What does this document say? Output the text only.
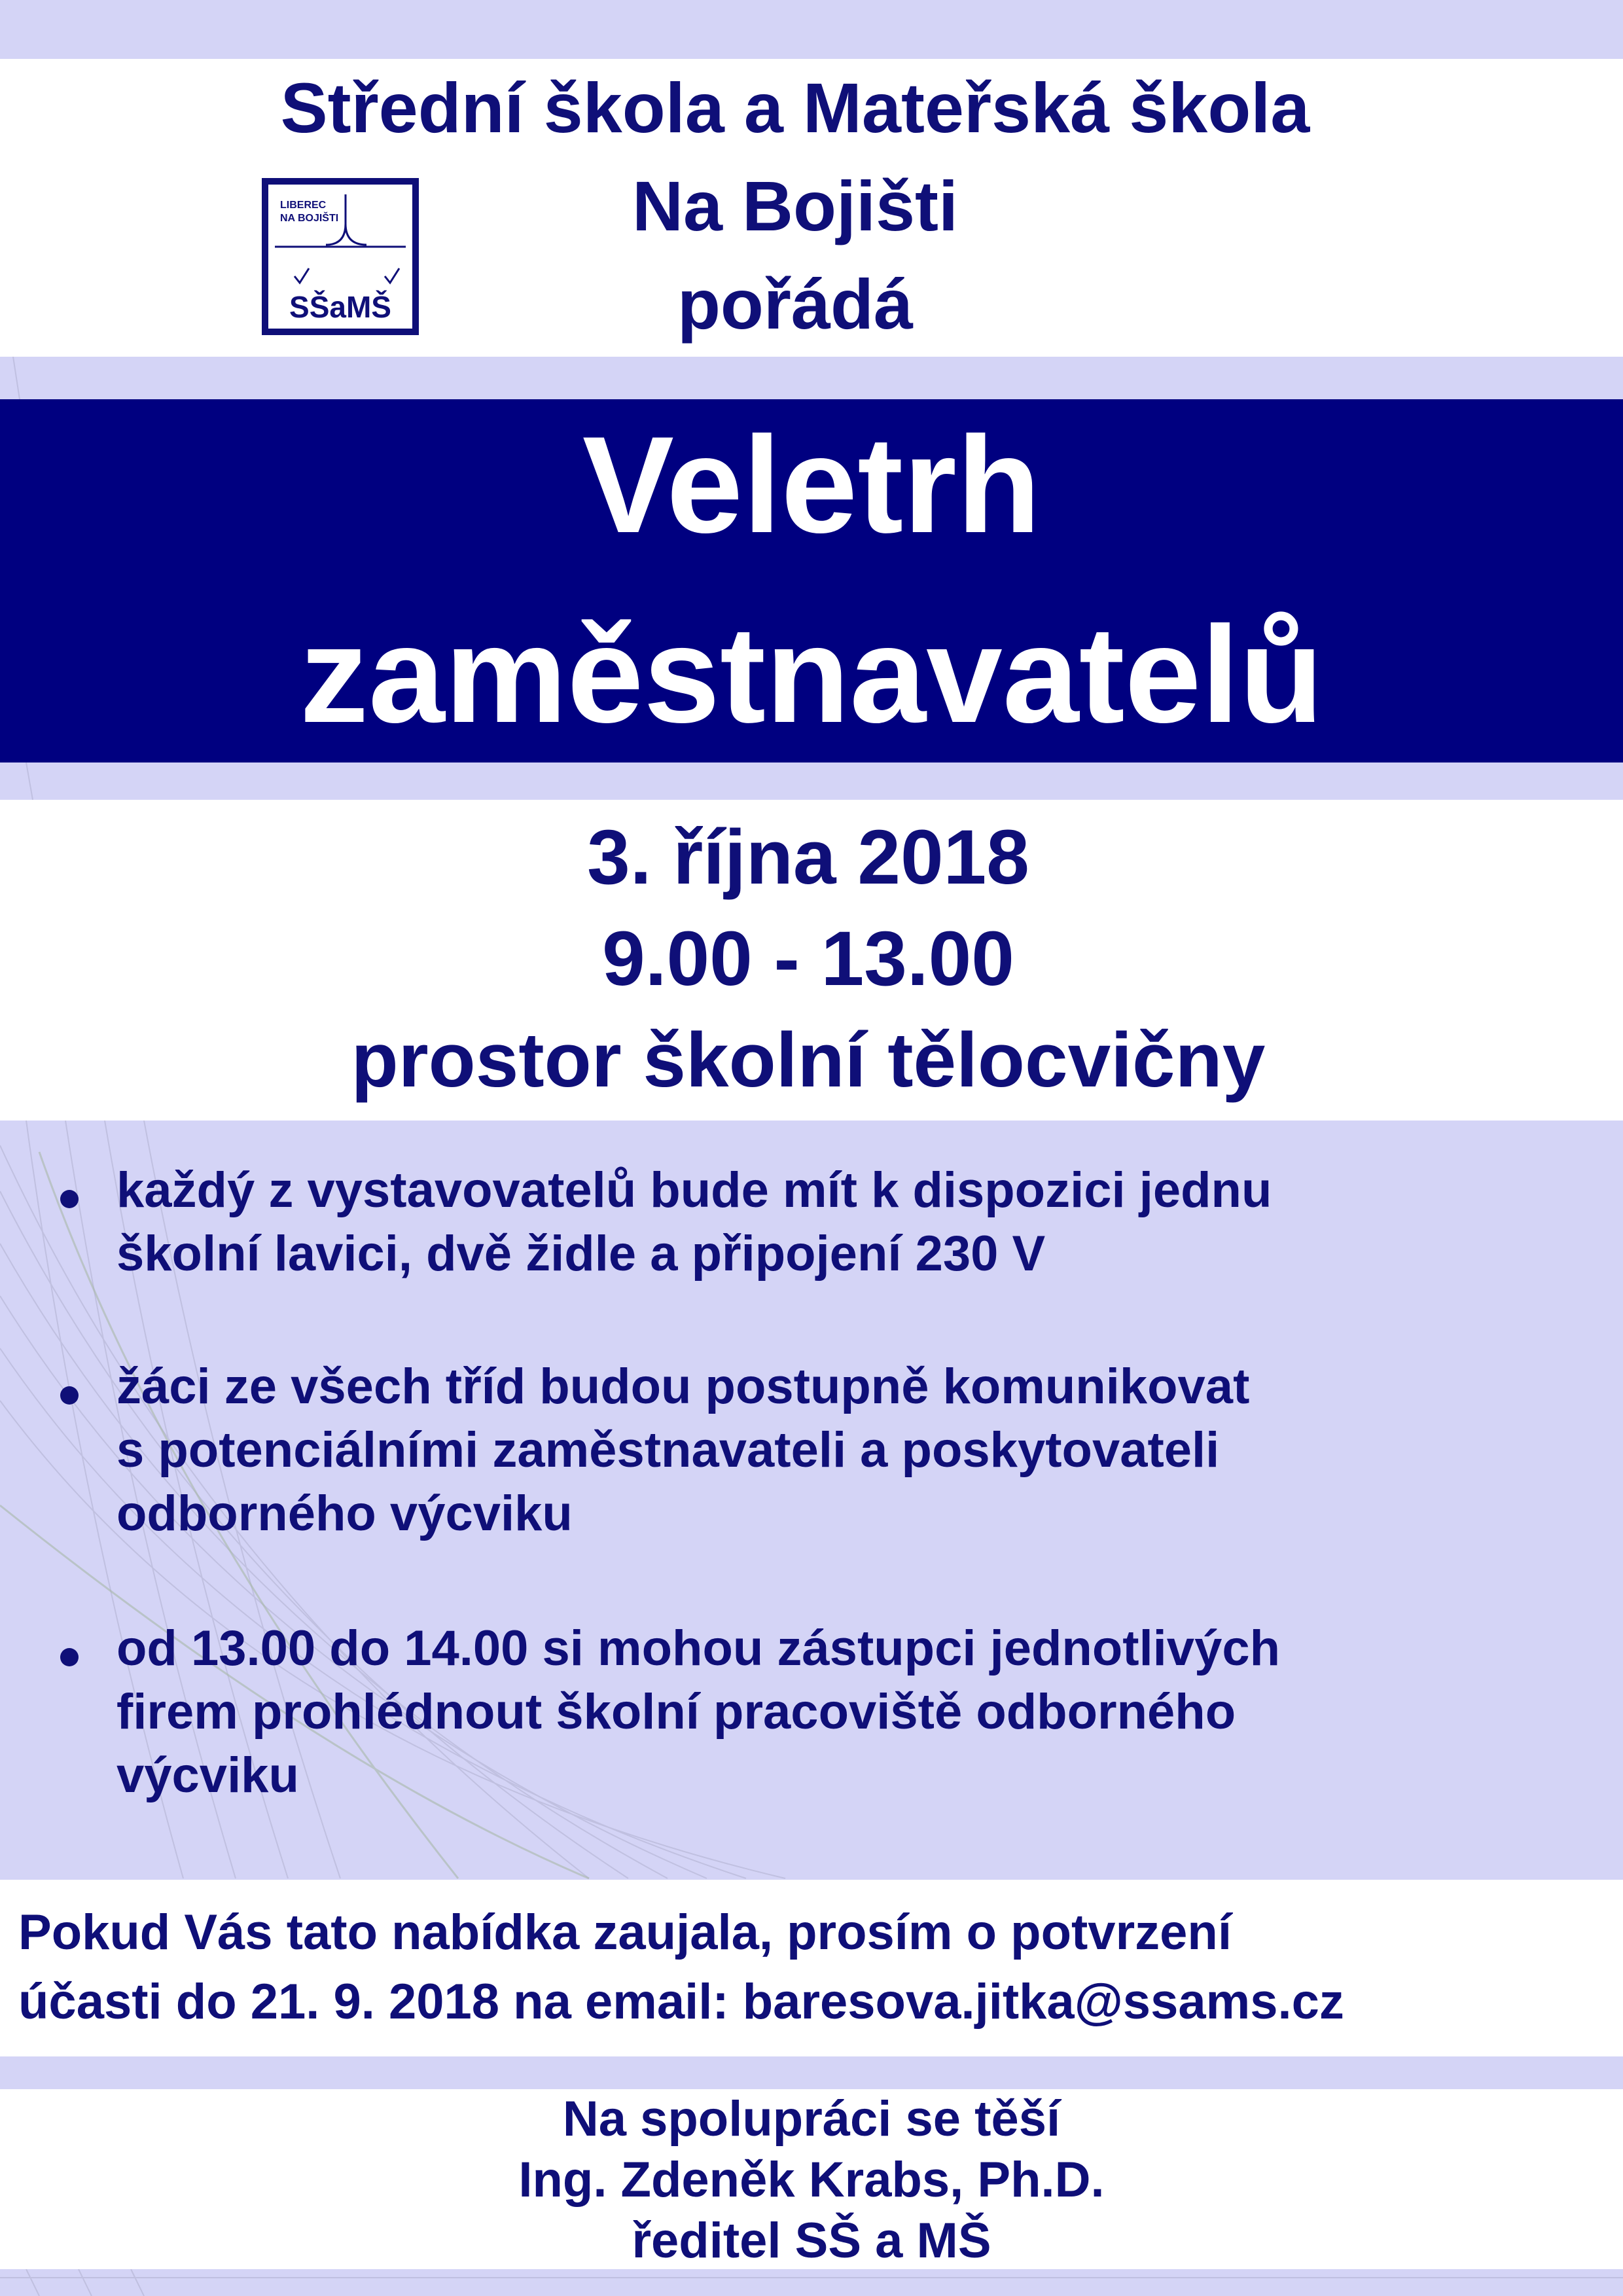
Střední škola a Mateřská škola
Na Bojišti
pořádá
LIBEREC
NA BOJIŠTI
SŠaMŠ
Veletrh
zaměstnavatelů
3. října 2018
9.00 - 13.00
prostor školní tělocvičny
každý z vystavovatelů bude mít k dispozici jednu
školní lavici, dvě židle a připojení 230 V
žáci ze všech tříd budou postupně komunikovat
s potenciálními zaměstnavateli a poskytovateli
odborného výcviku
od 13.00 do 14.00 si mohou zástupci jednotlivých
firem prohlédnout školní pracoviště odborného
výcviku
Pokud Vás tato nabídka zaujala, prosím o potvrzení
účasti do 21. 9. 2018 na email: baresova.jitka@ssams.cz
Na spolupráci se těší
Ing. Zdeněk Krabs, Ph.D.
ředitel SŠ a MŠ
